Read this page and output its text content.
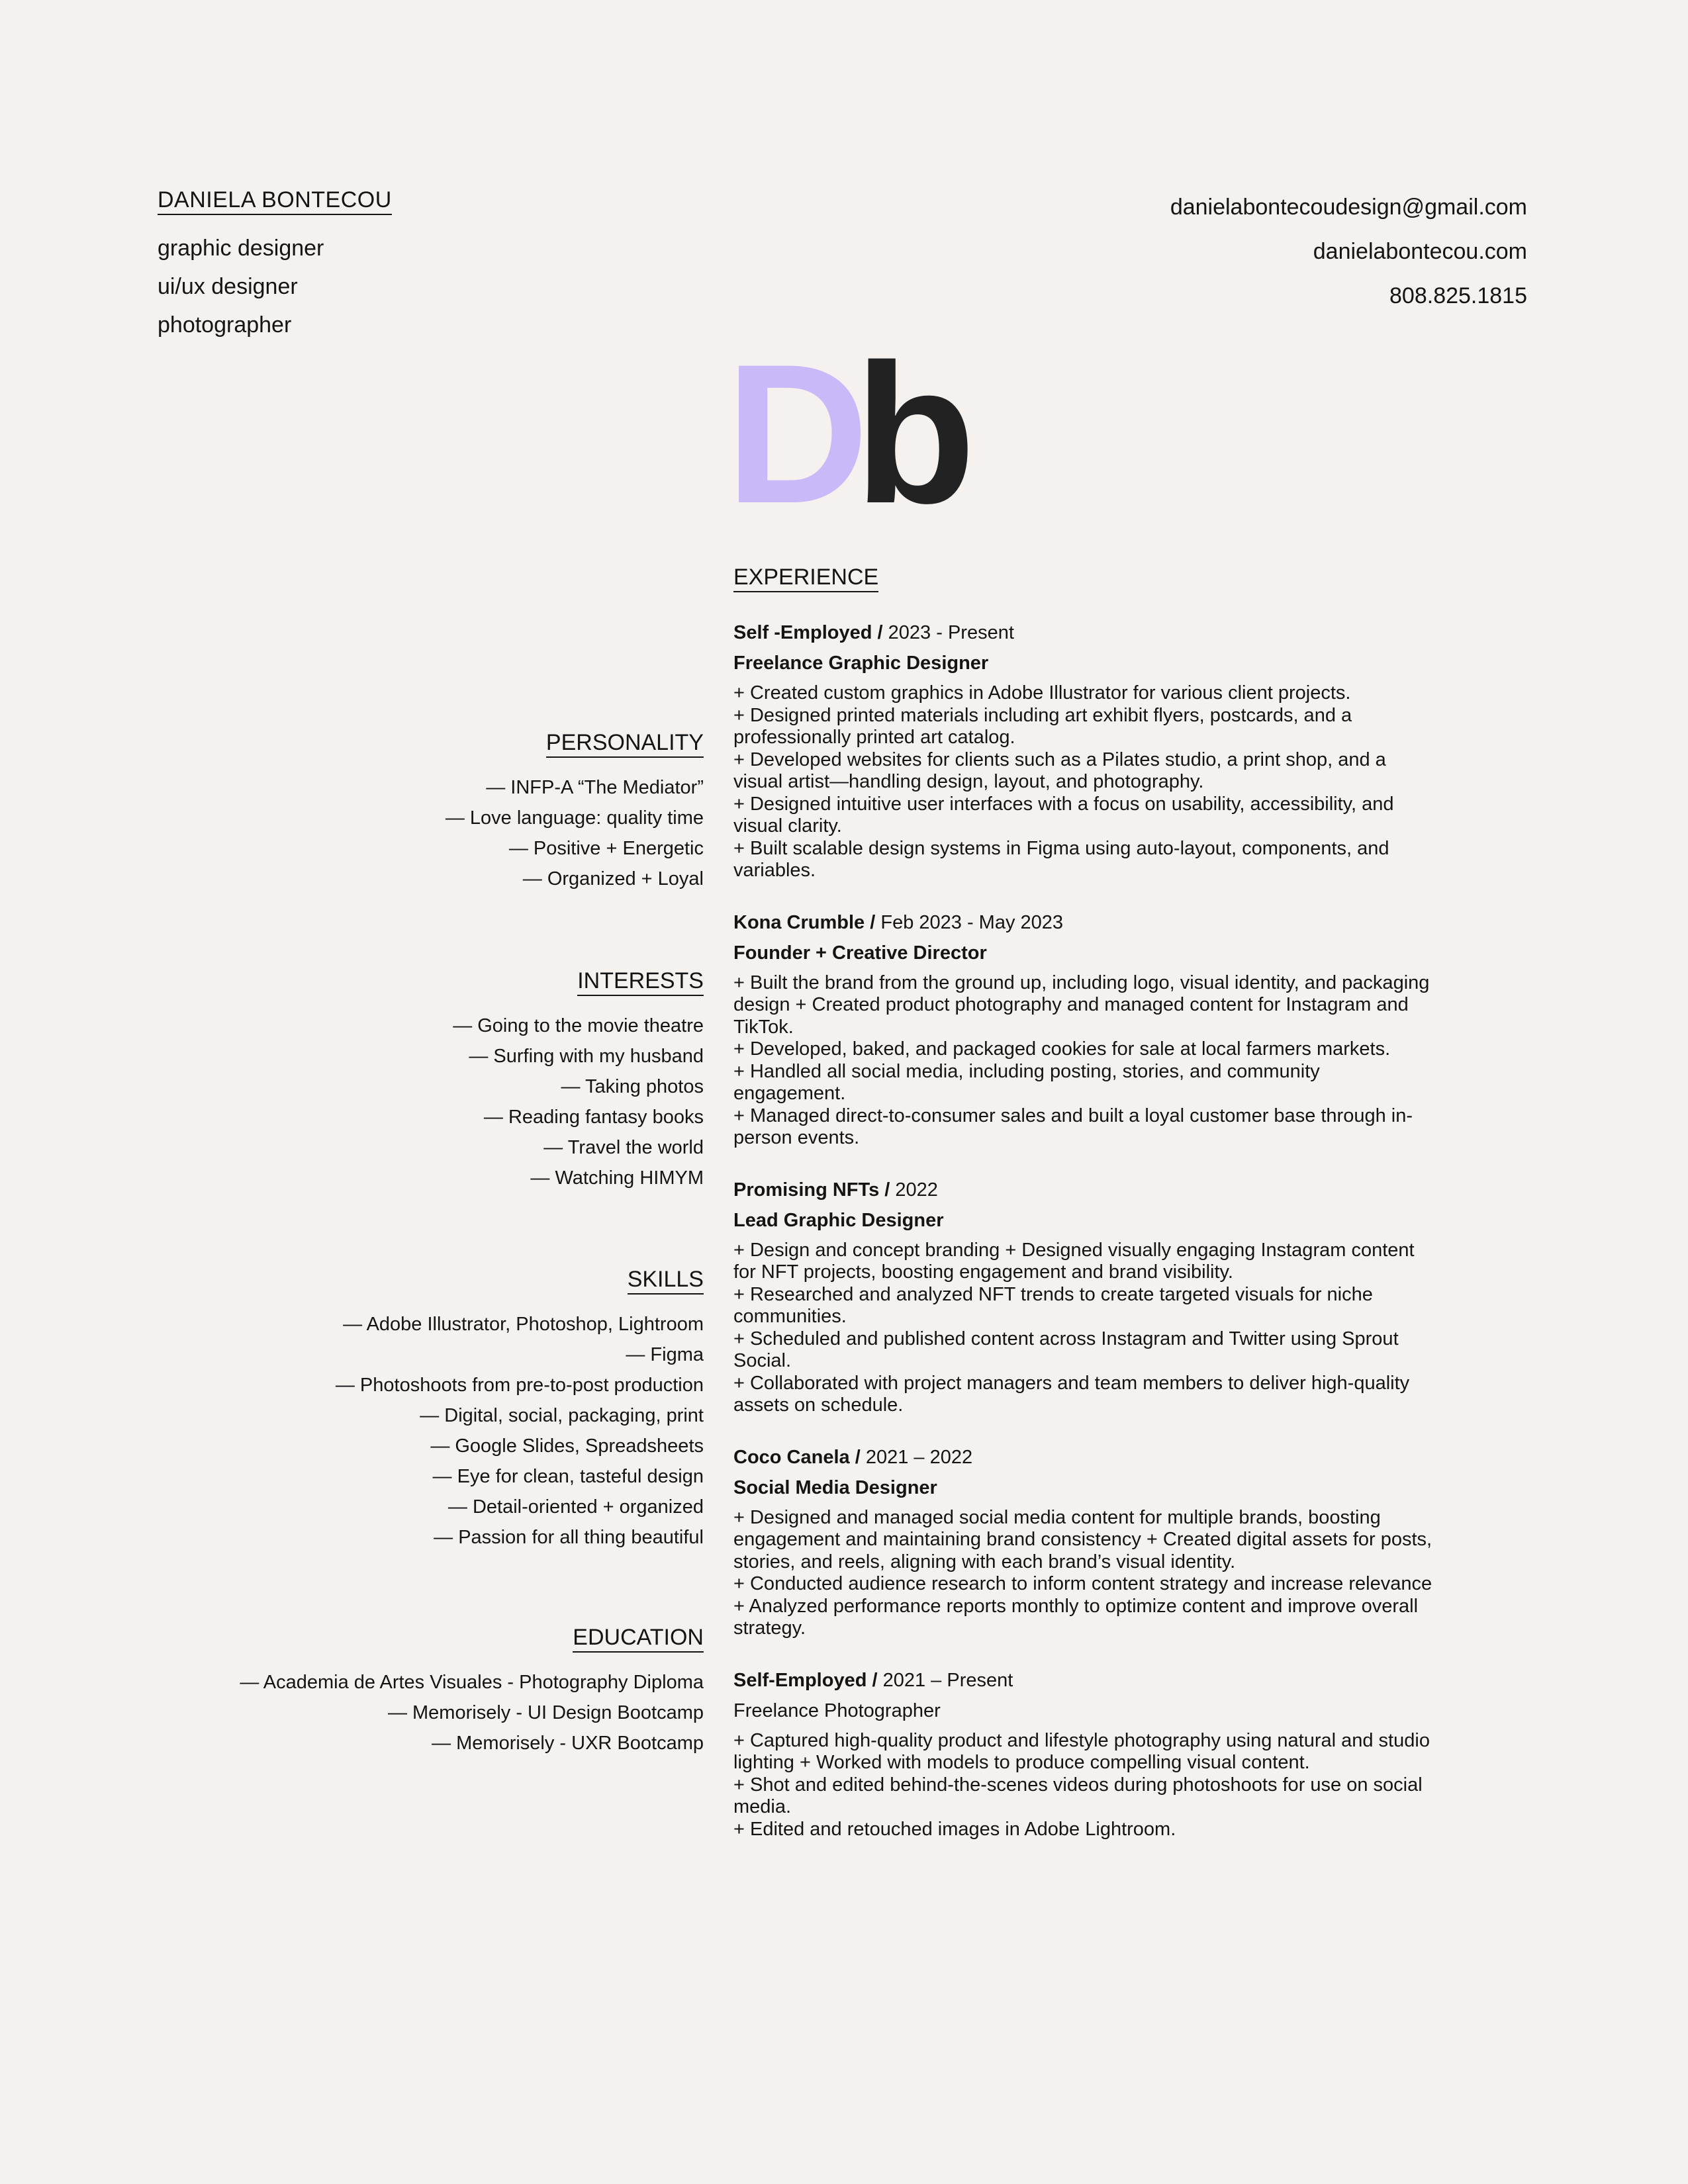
DANIELA BONTECOU
graphic designer
ui/ux designer
photographer
danielabontecoudesign@gmail.com
danielabontecou.com
808.825.1815
Db
PERSONALITY
— INFP-A “The Mediator”
— Love language: quality time
— Positive + Energetic
— Organized + Loyal
INTERESTS
— Going to the movie theatre
— Surfing with my husband
— Taking photos
— Reading fantasy books
— Travel the world
— Watching HIMYM
SKILLS
— Adobe Illustrator, Photoshop, Lightroom
— Figma
— Photoshoots from pre-to-post production
— Digital, social, packaging, print
— Google Slides, Spreadsheets
— Eye for clean, tasteful design
— Detail-oriented + organized
— Passion for all thing beautiful
EDUCATION
— Academia de Artes Visuales - Photography Diploma
— Memorisely - UI Design Bootcamp
— Memorisely - UXR Bootcamp
EXPERIENCE
Self -Employed / 2023 - Present
Freelance Graphic Designer
+ Created custom graphics in Adobe Illustrator for various client projects.
+ Designed printed materials including art exhibit flyers, postcards, and a professionally printed art catalog.
+ Developed websites for clients such as a Pilates studio, a print shop, and a visual artist—handling design, layout, and photography.
+ Designed intuitive user interfaces with a focus on usability, accessibility, and visual clarity.
+ Built scalable design systems in Figma using auto-layout, components, and variables.
Kona Crumble / Feb 2023 - May 2023
Founder + Creative Director
+ Built the brand from the ground up, including logo, visual identity, and packaging design + Created product photography and managed content for Instagram and TikTok.
+ Developed, baked, and packaged cookies for sale at local farmers markets.
+ Handled all social media, including posting, stories, and community engagement.
+ Managed direct-to-consumer sales and built a loyal customer base through in-person events.
Promising NFTs / 2022
Lead Graphic Designer
+ Design and concept branding + Designed visually engaging Instagram content for NFT projects, boosting engagement and brand visibility.
+ Researched and analyzed NFT trends to create targeted visuals for niche communities.
+ Scheduled and published content across Instagram and Twitter using Sprout Social.
+ Collaborated with project managers and team members to deliver high-quality assets on schedule.
Coco Canela / 2021 – 2022
Social Media Designer
+ Designed and managed social media content for multiple brands, boosting engagement and maintaining brand consistency + Created digital assets for posts, stories, and reels, aligning with each brand’s visual identity.
+ Conducted audience research to inform content strategy and increase relevance + Analyzed performance reports monthly to optimize content and improve overall strategy.
Self-Employed / 2021 – Present
Freelance Photographer
+ Captured high-quality product and lifestyle photography using natural and studio lighting + Worked with models to produce compelling visual content.
+ Shot and edited behind-the-scenes videos during photoshoots for use on social media.
+ Edited and retouched images in Adobe Lightroom.
